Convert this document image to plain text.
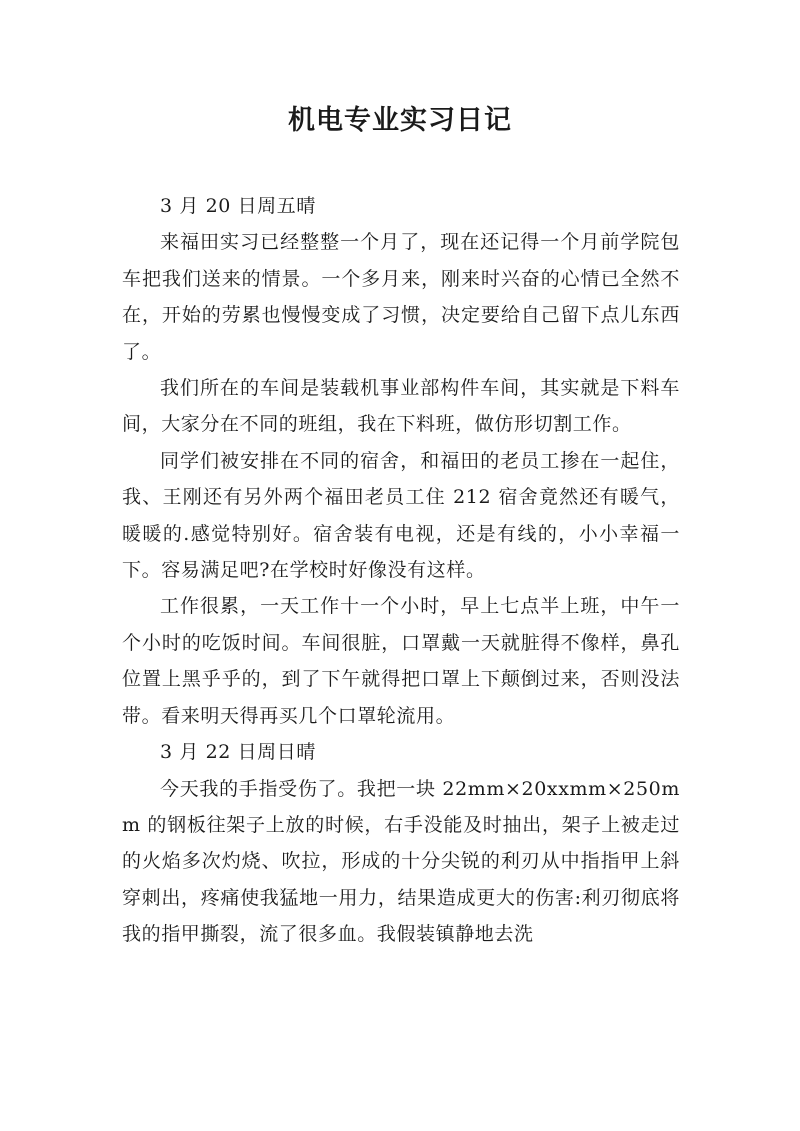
机电专业实习日记

3 月 20 日周五晴

来福田实习已经整整一个月了，现在还记得一个月前学院包车把我们送来的情景。一个多月来，刚来时兴奋的心情已全然不在，开始的劳累也慢慢变成了习惯，决定要给自己留下点儿东西了。

我们所在的车间是装载机事业部构件车间，其实就是下料车间，大家分在不同的班组，我在下料班，做仿形切割工作。

同学们被安排在不同的宿舍，和福田的老员工掺在一起住，我、王刚还有另外两个福田老员工住 212 宿舍竟然还有暖气，暖暖的.感觉特别好。宿舍装有电视，还是有线的，小小幸福一下。容易满足吧?在学校时好像没有这样。

工作很累，一天工作十一个小时，早上七点半上班，中午一个小时的吃饭时间。车间很脏，口罩戴一天就脏得不像样，鼻孔位置上黑乎乎的，到了下午就得把口罩上下颠倒过来，否则没法带。看来明天得再买几个口罩轮流用。

3 月 22 日周日晴

今天我的手指受伤了。我把一块 22mm×20xxmm×250mm 的钢板往架子上放的时候，右手没能及时抽出，架子上被走过的火焰多次灼烧、吹拉，形成的十分尖锐的利刃从中指指甲上斜穿刺出，疼痛使我猛地一用力，结果造成更大的伤害:利刃彻底将我的指甲撕裂，流了很多血。我假装镇静地去洗
